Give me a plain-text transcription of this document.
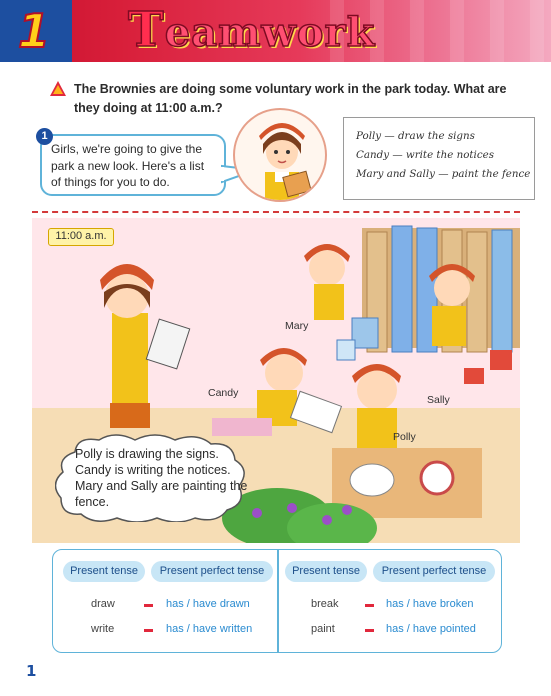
1 Teamwork
The Brownies are doing some voluntary work in the park today. What are they doing at 11:00 a.m.?
1
Girls, we're going to give the park a new look. Here's a list of things for you to do.
Polly — draw the signs
Candy — write the notices
Mary and Sally — paint the fence
11:00 a.m.
Mary
Candy
Sally
Polly
Polly is drawing the signs. Candy is writing the notices. Mary and Sally are painting the fence.
Present tense	Present perfect tense	Present tense	Present perfect tense
draw	has / have drawn
write	has / have written
break	has / have broken
paint	has / have pointed
1
